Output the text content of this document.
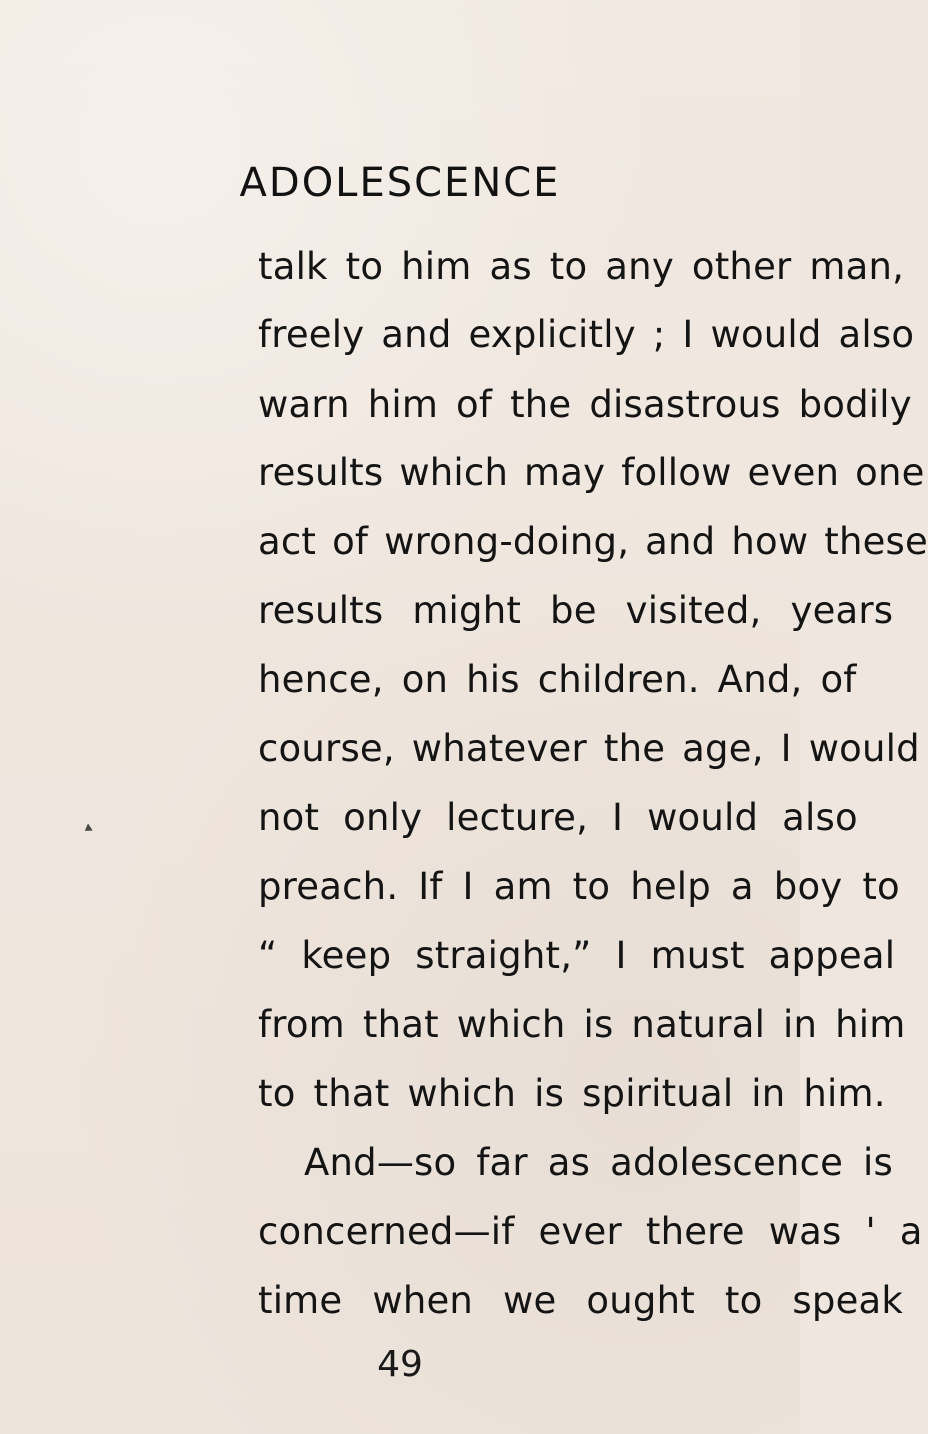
ADOLESCENCE
talk to him as to any other man,
freely and explicitly ; I would also
warn him of the disastrous bodily
results which may follow even one
act of wrong-doing, and how these
results might be visited, years
hence, on his children. And, of
course, whatever the age, I would
not only lecture, I would also
preach. If I am to help a boy to
“ keep straight,” I must appeal
from that which is natural in him
to that which is spiritual in him.
And—so far as adolescence is
concerned—if ever there was ' a
time when we ought to speak
49
